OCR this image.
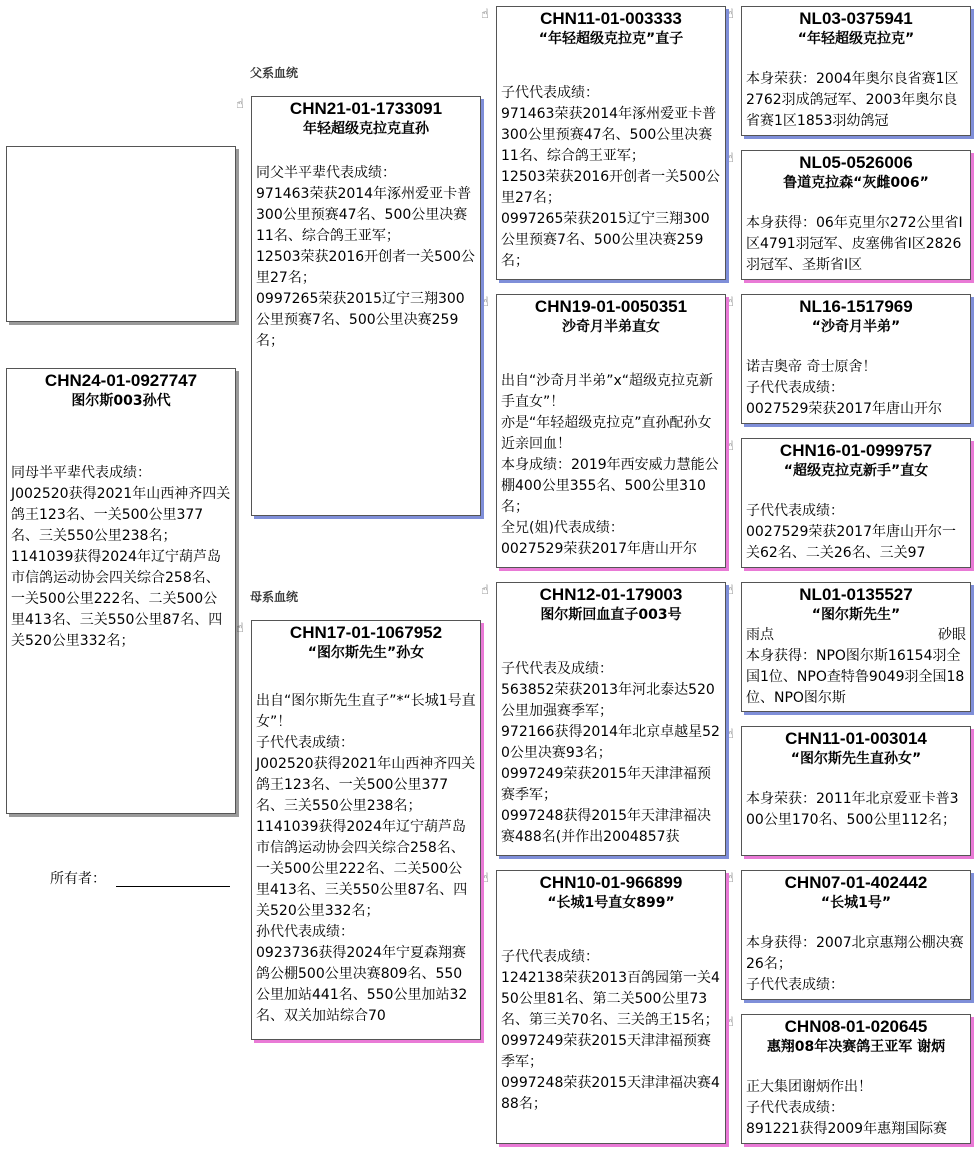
父系血统
母系血统
CHN24-01-0927747
图尔斯003孙代
同母半平辈代表成绩：
J002520获得2021年山西神齐四关鸽王123名、一关500公里377名、三关550公里238名；
1141039获得2024年辽宁葫芦岛市信鸽运动协会四关综合258名、一关500公里222名、二关500公里413名、三关550公里87名、四关520公里332名；
所有者：
☝
☝
☝
☝
☝
☝
☝
☝
☝
☝
☝
☝
☝
☝
CHN21-01-1733091
年轻超级克拉克直孙
同父半平辈代表成绩：
971463荣获2014年涿州爱亚卡普300公里预赛47名、500公里决赛11名、综合鸽王亚军；
12503荣获2016开创者一关500公里27名；
0997265荣获2015辽宁三翔300公里预赛7名、500公里决赛259名；
CHN17-01-1067952
“图尔斯先生”孙女
出自“图尔斯先生直子”*“长城1号直女”！
子代代表成绩：
J002520获得2021年山西神齐四关鸽王123名、一关500公里377名、三关550公里238名；
1141039获得2024年辽宁葫芦岛市信鸽运动协会四关综合258名、一关500公里222名、二关500公里413名、三关550公里87名、四关520公里332名；
孙代代表成绩：
0923736获得2024年宁夏森翔赛鸽公棚500公里决赛809名、550公里加站441名、550公里加站32名、双关加站综合70
CHN11-01-003333
“年轻超级克拉克”直子
子代代表成绩：
971463荣获2014年涿州爱亚卡普300公里预赛47名、500公里决赛11名、综合鸽王亚军；
12503荣获2016开创者一关500公里27名；
0997265荣获2015辽宁三翔300公里预赛7名、500公里决赛259名；
CHN19-01-0050351
沙奇月半弟直女
出自“沙奇月半弟”x“超级克拉克新手直女”！
亦是“年轻超级克拉克”直孙配孙女近亲回血！
本身成绩：2019年西安威力慧能公棚400公里355名、500公里310名；
全兄(姐)代表成绩：
0027529荣获2017年唐山开尔
CHN12-01-179003
图尔斯回血直子003号
子代代表及成绩：
563852荣获2013年河北泰达520公里加强赛季军；
972166获得2014年北京卓越星520公里决赛93名；
0997249荣获2015年天津津福预赛季军；
0997248获得2015年天津津福决赛488名(并作出2004857获
CHN10-01-966899
“长城1号直女899”
子代代表成绩：
1242138荣获2013百鸽园第一关450公里81名、第二关500公里73名、第三关70名、三关鸽王15名；
0997249荣获2015天津津福预赛季军；
0997248荣获2015天津津福决赛488名；
NL03-0375941
“年轻超级克拉克”
本身荣获：2004年奥尔良省赛1区2762羽成鸽冠军、2003年奥尔良省赛1区1853羽幼鸽冠
NL05-0526006
鲁道克拉森“灰雌006”
本身获得：06年克里尔272公里省I区4791羽冠军、皮塞佛省I区2826羽冠军、圣斯省I区
NL16-1517969
“沙奇月半弟”
诺吉奥帝 奇士原舍！
子代代表成绩：
0027529荣获2017年唐山开尔
CHN16-01-0999757
“超级克拉克新手”直女
子代代表成绩：
0027529荣获2017年唐山开尔一关62名、二关26名、三关97
NL01-0135527
“图尔斯先生”
雨点	砂眼
本身获得：NPO图尔斯16154羽全国1位、NPO查特鲁9049羽全国18位、NPO图尔斯
CHN11-01-003014
“图尔斯先生直孙女”
本身荣获：2011年北京爱亚卡普300公里170名、500公里112名；
CHN07-01-402442
“长城1号”
本身获得：2007北京惠翔公棚决赛26名；
子代代表成绩：
CHN08-01-020645
惠翔08年决赛鸽王亚军 谢炳
正大集团谢炳作出！
子代代表成绩：
891221获得2009年惠翔国际赛
